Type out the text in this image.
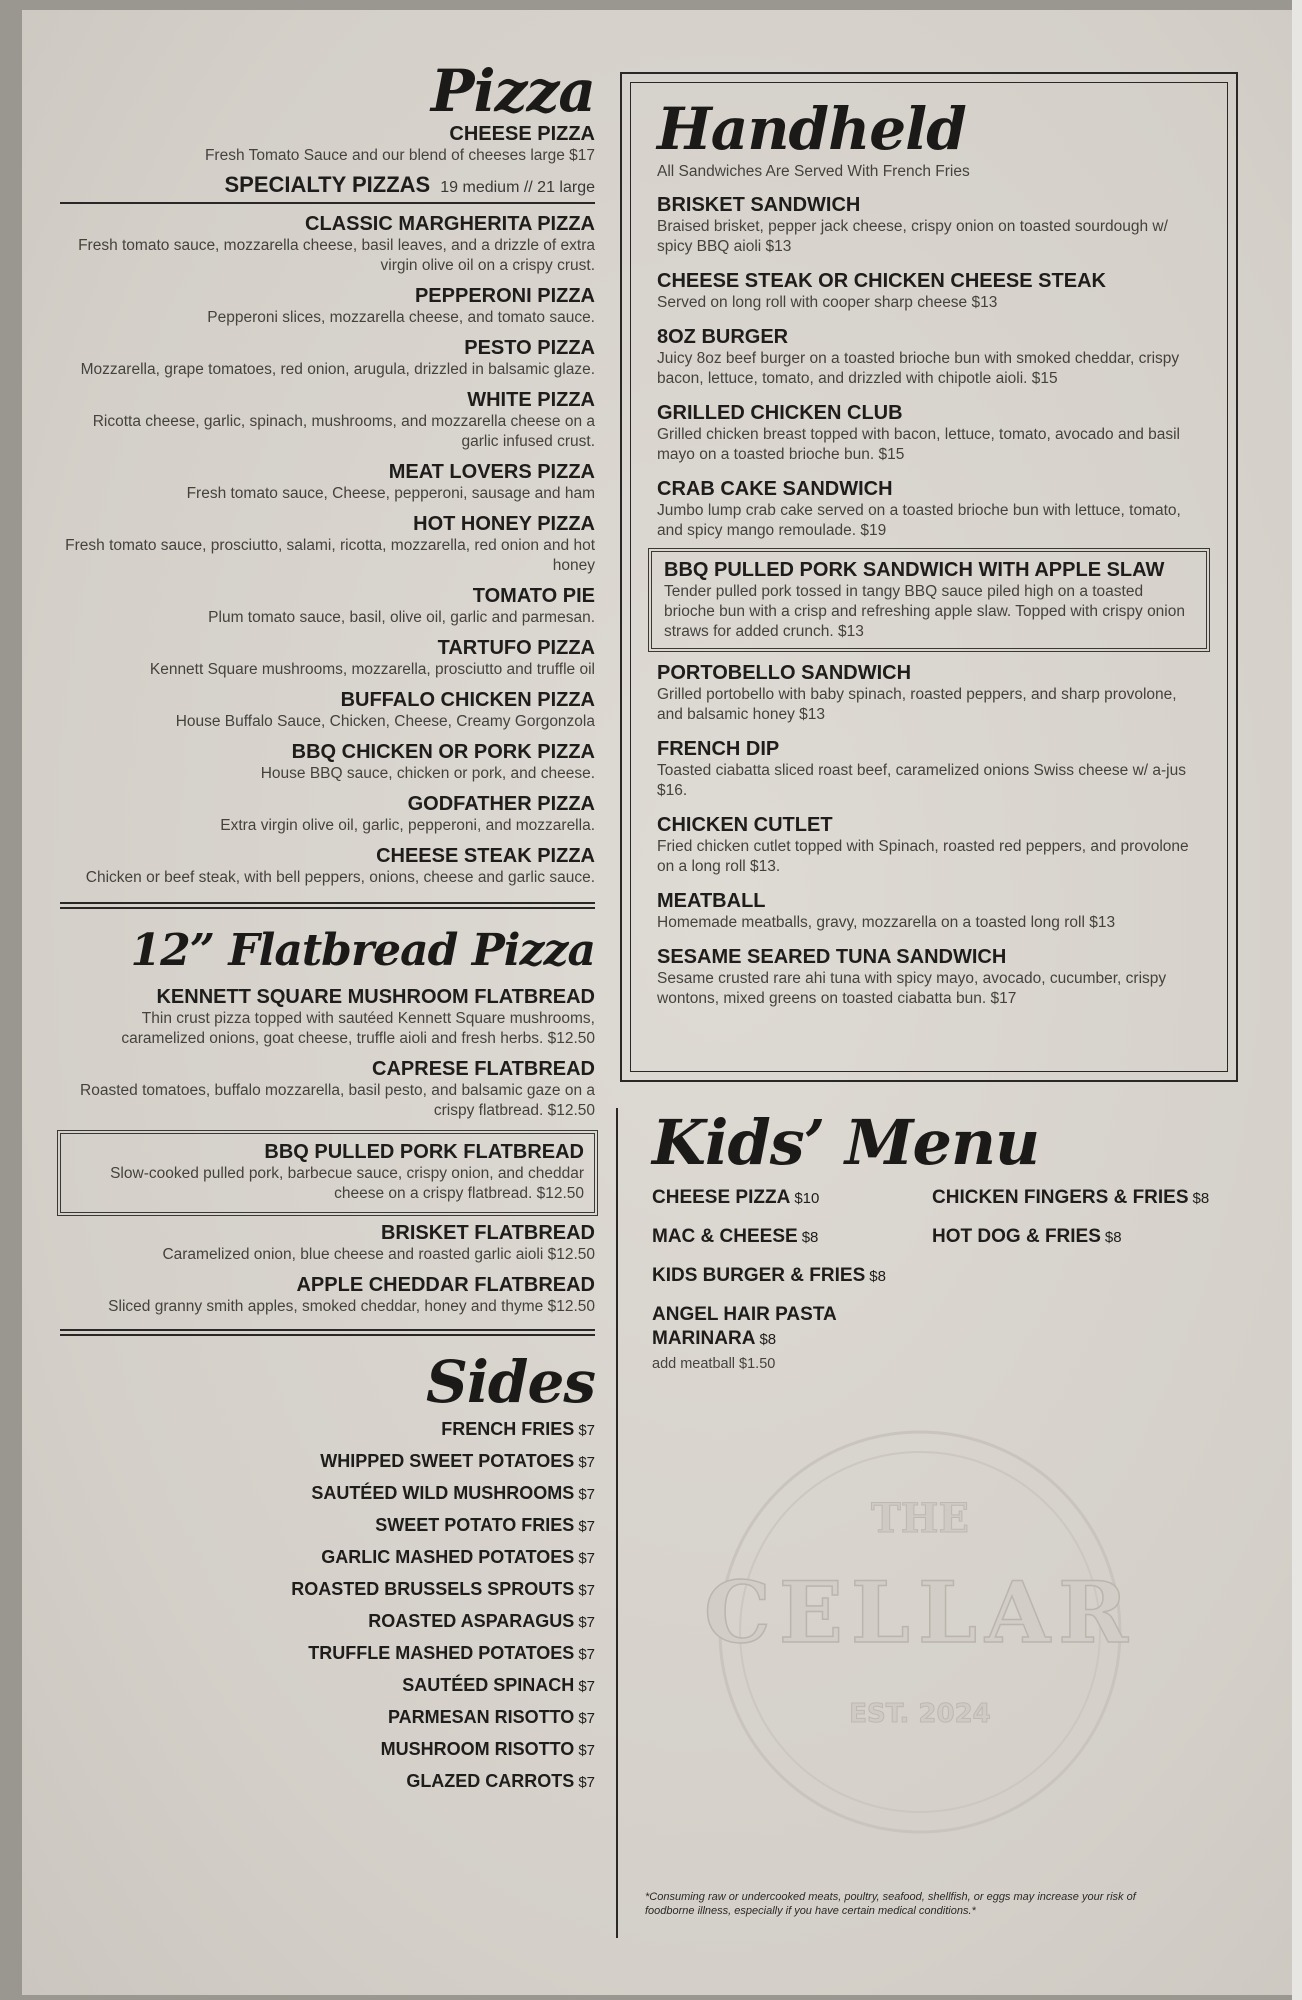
Pizza
CHEESE PIZZA
Fresh Tomato Sauce and our blend of cheeses large $17
SPECIALTY PIZZAS 19 medium // 21 large
CLASSIC MARGHERITA PIZZA
Fresh tomato sauce, mozzarella cheese, basil leaves, and a drizzle of extra virgin olive oil on a crispy crust.
PEPPERONI PIZZA
Pepperoni slices, mozzarella cheese, and tomato sauce.
PESTO PIZZA
Mozzarella, grape tomatoes, red onion, arugula, drizzled in balsamic glaze.
WHITE PIZZA
Ricotta cheese, garlic, spinach, mushrooms, and mozzarella cheese on a garlic infused crust.
MEAT LOVERS PIZZA
Fresh tomato sauce, Cheese, pepperoni, sausage and ham
HOT HONEY PIZZA
Fresh tomato sauce, prosciutto, salami, ricotta, mozzarella, red onion and hot honey
TOMATO PIE
Plum tomato sauce, basil, olive oil, garlic and parmesan.
TARTUFO PIZZA
Kennett Square mushrooms, mozzarella, prosciutto and truffle oil
BUFFALO CHICKEN PIZZA
House Buffalo Sauce, Chicken, Cheese, Creamy Gorgonzola
BBQ CHICKEN OR PORK PIZZA
House BBQ sauce, chicken or pork, and cheese.
GODFATHER PIZZA
Extra virgin olive oil, garlic, pepperoni, and mozzarella.
CHEESE STEAK PIZZA
Chicken or beef steak, with bell peppers, onions, cheese and garlic sauce.
12” Flatbread Pizza
KENNETT SQUARE MUSHROOM FLATBREAD
Thin crust pizza topped with sautéed Kennett Square mushrooms, caramelized onions, goat cheese, truffle aioli and fresh herbs. $12.50
CAPRESE FLATBREAD
Roasted tomatoes, buffalo mozzarella, basil pesto, and balsamic gaze on a crispy flatbread. $12.50
BBQ PULLED PORK FLATBREAD
Slow-cooked pulled pork, barbecue sauce, crispy onion, and cheddar cheese on a crispy flatbread. $12.50
BRISKET FLATBREAD
Caramelized onion, blue cheese and roasted garlic aioli $12.50
APPLE CHEDDAR FLATBREAD
Sliced granny smith apples, smoked cheddar, honey and thyme $12.50
Sides
FRENCH FRIES $7
WHIPPED SWEET POTATOES $7
SAUTÉED WILD MUSHROOMS $7
SWEET POTATO FRIES $7
GARLIC MASHED POTATOES $7
ROASTED BRUSSELS SPROUTS $7
ROASTED ASPARAGUS $7
TRUFFLE MASHED POTATOES $7
SAUTÉED SPINACH $7
PARMESAN RISOTTO $7
MUSHROOM RISOTTO $7
GLAZED CARROTS $7
Handheld
All Sandwiches Are Served With French Fries
BRISKET SANDWICH
Braised brisket, pepper jack cheese, crispy onion on toasted sourdough w/ spicy BBQ aioli $13
CHEESE STEAK OR CHICKEN CHEESE STEAK
Served on long roll with cooper sharp cheese $13
8OZ BURGER
Juicy 8oz beef burger on a toasted brioche bun with smoked cheddar, crispy bacon, lettuce, tomato, and drizzled with chipotle aioli. $15
GRILLED CHICKEN CLUB
Grilled chicken breast topped with bacon, lettuce, tomato, avocado and basil mayo on a toasted brioche bun. $15
CRAB CAKE SANDWICH
Jumbo lump crab cake served on a toasted brioche bun with lettuce, tomato, and spicy mango remoulade. $19
BBQ PULLED PORK SANDWICH WITH APPLE SLAW
Tender pulled pork tossed in tangy BBQ sauce piled high on a toasted brioche bun with a crisp and refreshing apple slaw. Topped with crispy onion straws for added crunch. $13
PORTOBELLO SANDWICH
Grilled portobello with baby spinach, roasted peppers, and sharp provolone, and balsamic honey $13
FRENCH DIP
Toasted ciabatta sliced roast beef, caramelized onions Swiss cheese w/ a-jus $16.
CHICKEN CUTLET
Fried chicken cutlet topped with Spinach, roasted red peppers, and provolone on a long roll $13.
MEATBALL
Homemade meatballs, gravy, mozzarella on a toasted long roll $13
SESAME SEARED TUNA SANDWICH
Sesame crusted rare ahi tuna with spicy mayo, avocado, cucumber, crispy wontons, mixed greens on toasted ciabatta bun. $17
Kids’ Menu
CHEESE PIZZA $10
MAC & CHEESE $8
KIDS BURGER & FRIES $8
ANGEL HAIR PASTA MARINARA $8
add meatball $1.50
CHICKEN FINGERS & FRIES $8
HOT DOG & FRIES $8
THE
CELLAR
EST. 2024
*Consuming raw or undercooked meats, poultry, seafood, shellfish, or eggs may increase your risk of foodborne illness, especially if you have certain medical conditions.*
